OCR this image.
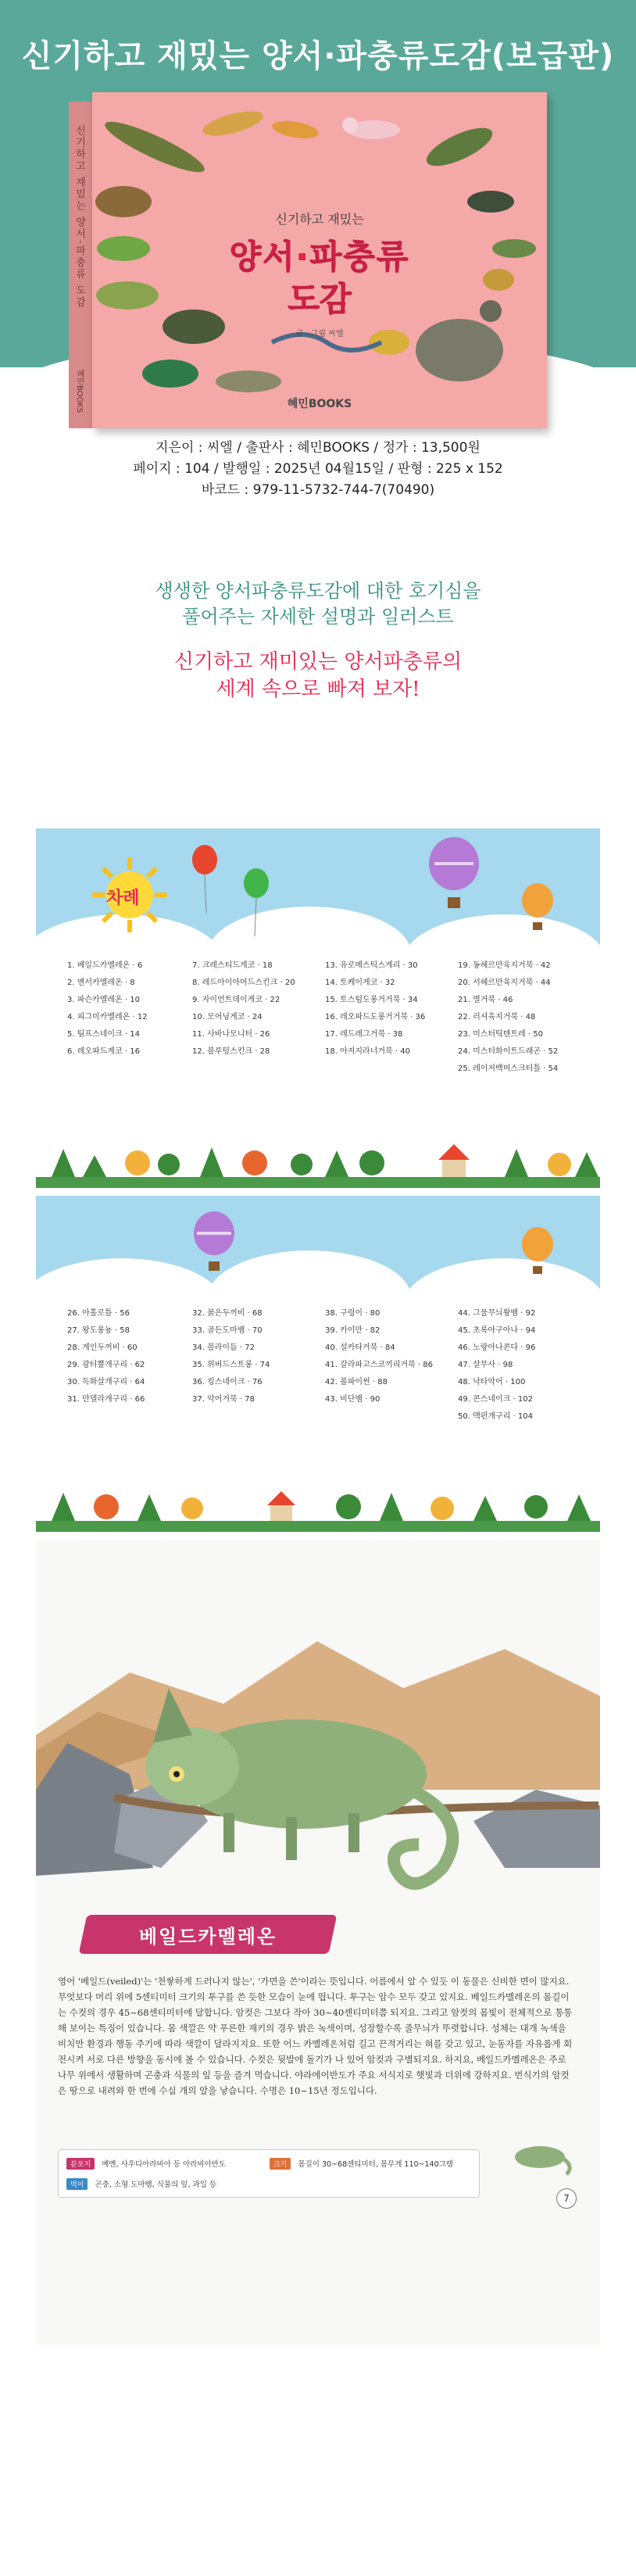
신기하고 재밌는 양서·파충류도감(보급판)
신기하고 재밌는 양서·파충류 도감
혜민BOOKS
신기하고 재밌는
양서·파충류
도감
글 · 그림 씨엘
혜민BOOKS
지은이 : 씨엘 / 출판사 : 혜민BOOKS / 정가 : 13,500원
페이지 : 104 / 발행일 : 2025년 04월15일 / 판형 : 225 x 152
바코드 : 979-11-5732-744-7(70490)
생생한 양서파충류도감에 대한 호기심을
풀어주는 자세한 설명과 일러스트
신기하고 재미있는 양서파충류의
세계 속으로 빠져 보자!
차례
1. 베일드카멜레온 · 6
2. 멘서카멜레온 · 8
3. 파슨카멜레온 · 10
4. 피그미카멜레온 · 12
5. 팀프스네이크 · 14
6. 레오파드게코 · 16
7. 크레스티드게코 · 18
8. 레드아이아머드스킨크 · 20
9. 자이언트데이게코 · 22
10. 모어닝게코 · 24
11. 사바나모니터 · 26
12. 블루텅스킨크 · 28
13. 유로메스틱스게리 · 30
14. 토케이게코 · 32
15. 토스텀도롱거거북 · 34
16. 레오파드도롱거거북 · 36
17. 레드레그거북 · 38
18. 아저지라너거북 · 40
19. 동헤르만육지거북 · 42
20. 서헤르만육지거북 · 44
21. 별거북 · 46
22. 러셔육지거북 · 48
23. 미스터틱텐트레 · 50
24. 미스터화이트드래곤 · 52
25. 레이저백머스크터틀 · 54
26. 아홀로틀 · 56
27. 왕도롱뇽 · 58
28. 게인두꺼비 · 60
29. 광터뿔개구리 · 62
30. 독화살개구리 · 64
31. 만델라개구리 · 66
32. 붉은두꺼비 · 68
33. 골든도마뱀 · 70
34. 블라이듬 · 72
35. 위버드스트롱 · 74
36. 킹스네이크 · 76
37. 악어거북 · 78
38. 구렁이 · 80
39. 카이만 · 82
40. 설카타거북 · 84
41. 갈라파고스코끼리거북 · 86
42. 볼파이썬 · 88
43. 비단뱀 · 90
44. 그물무늬왕뱀 · 92
45. 초록아구아나 · 94
46. 노랑아나콘다 · 96
47. 살무사 · 98
48. 낙타악어 · 100
49. 콘스네이크 · 102
50. 맥펀개구리 · 104
베일드카멜레온
영어 '베일드(veiled)'는 '천쌓하게 드러나지 않는', '가면을 쓴'이라는 뜻입니다. 어름에서 알 수 있듯 이 동물은 신비한 면이 많지요. 무엇보다 머리 위에 5센티미터 크기의 투구를 쓴 듯한 모습이 눈에 띕니다. 투구는 암수 모두 갖고 있지요. 베일드카멜레온의 몸길이는 수컷의 경우 45~68센티미터에 달합니다. 암컷은 그보다 작아 30~40센티미터쯤 되지요. 그리고 암컷의 몸빛이 전체적으로 통통해 보이는 특징이 있습니다. 몸 색깔은 약 푸른한 재키의 경우 밝은 녹색이며, 성장할수록 줄무늬가 뚜렷합니다. 성체는 대개 녹색을 비치만 환경과 행동 주기에 따라 색깔이 달라지지요. 또한 어느 카멜레온처럼 길고 끈적거리는 혀를 갖고 있고, 눈동자를 자유롭게 회전시켜 서로 다른 방향을 동시에 볼 수 있습니다. 수컷은 뒷발에 돌기가 나 있어 암컷과 구별되지요. 하지요, 베일드카멜레온은 주로 나무 위에서 생활하며 곤충과 식물의 잎 등을 즐겨 먹습니다. 야라에이반도가 주요 서식지로 햇빛과 더위에 강하지요. 번식기의 암컷은 땅으로 내려와 한 번에 수십 개의 알을 낳습니다. 수명은 10~15년 정도입니다.
분포지 예멘, 사우디아라비아 등 아라비아반도	크기 몸길이 30~68센티미터, 몸무게 110~140그램
먹이 곤충, 소형 도마뱀, 식물의 잎, 과일 등
7
